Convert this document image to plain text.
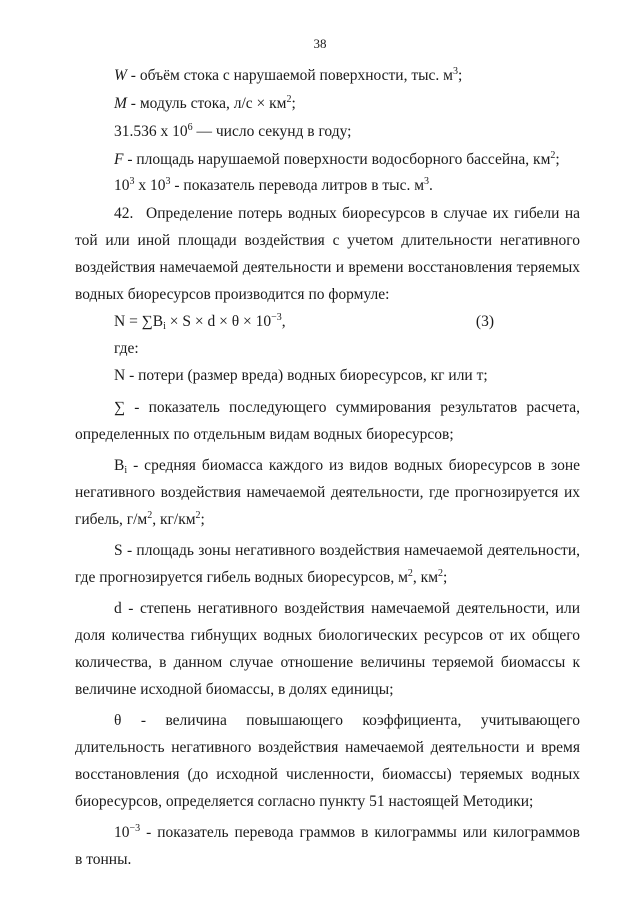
38
W - объём стока с нарушаемой поверхности, тыс. $м^3$;
M - модуль стока, $л/с \times км^2$;
31.536 x $10^6$ — число секунд в году;
F - площадь нарушаемой поверхности водосборного бассейна, $км^2$;
$10^3$ x $10^3$ - показатель перевода литров в тыс. $м^3$.
42. Определение потерь водных биоресурсов в случае их гибели на
той или иной площади воздействия с учетом длительности негативного
воздействия намечаемой деятельности и времени восстановления теряемых
водных биоресурсов производится по формуле:
$N = \sum B_i \times S \times d \times \theta \times 10^{-3}$,	(3)
где:
N - потери (размер вреда) водных биоресурсов, кг или т;
∑ - показатель последующего суммирования результатов расчета,
определенных по отдельным видам водных биоресурсов;
$B_i$ - средняя биомасса каждого из видов водных биоресурсов в зоне
негативного воздействия намечаемой деятельности, где прогнозируется их
гибель, $г/м^2$, $кг/км^2$;
S - площадь зоны негативного воздействия намечаемой деятельности,
где прогнозируется гибель водных биоресурсов, $м^2$, $км^2$;
d - степень негативного воздействия намечаемой деятельности, или
доля количества гибнущих водных биологических ресурсов от их общего
количества, в данном случае отношение величины теряемой биомассы к
величине исходной биомассы, в долях единицы;
θ - величина повышающего коэффициента, учитывающего
длительность негативного воздействия намечаемой деятельности и время
восстановления (до исходной численности, биомассы) теряемых водных
биоресурсов, определяется согласно пункту 51 настоящей Методики;
$10^{-3}$ - показатель перевода граммов в килограммы или килограммов
в тонны.
